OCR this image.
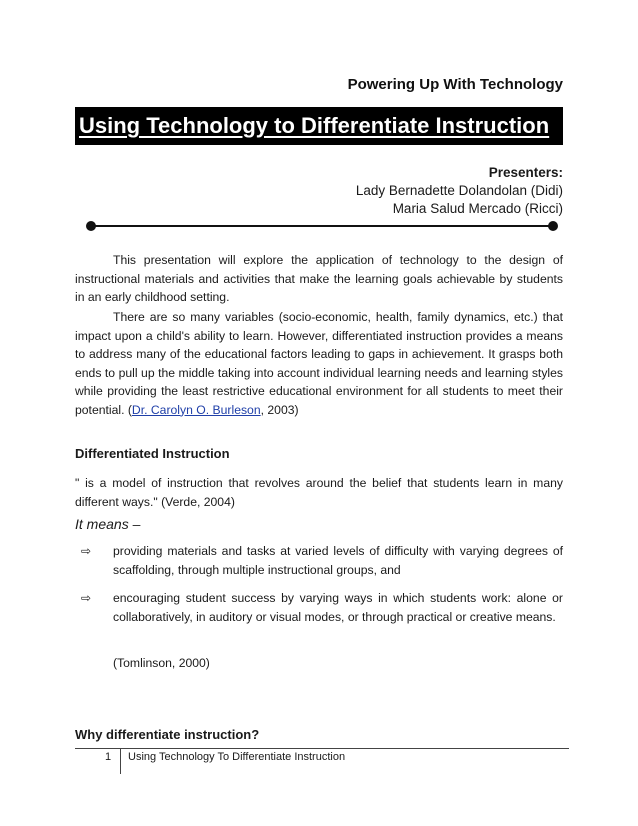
Powering Up With Technology
Using Technology to Differentiate Instruction
Presenters:
Lady Bernadette Dolandolan (Didi)
Maria Salud Mercado (Ricci)
This presentation will explore the application of technology to the design of instructional materials and activities that make the learning goals achievable by students in an early childhood setting.
There are so many variables (socio-economic, health, family dynamics, etc.) that impact upon a child's ability to learn. However, differentiated instruction provides a means to address many of the educational factors leading to gaps in achievement. It grasps both ends to pull up the middle taking into account individual learning needs and learning styles while providing the least restrictive educational environment for all students to meet their potential. (Dr. Carolyn O. Burleson, 2003)
Differentiated Instruction
" is a model of instruction that revolves around the belief that students learn in many different ways." (Verde, 2004)
It means –
⇨ providing materials and tasks at varied levels of difficulty with varying degrees of scaffolding, through multiple instructional groups, and
⇨ encouraging student success by varying ways in which students work: alone or collaboratively, in auditory or visual modes, or through practical or creative means.
(Tomlinson, 2000)
Why differentiate instruction?
1 Using Technology To Differentiate Instruction
